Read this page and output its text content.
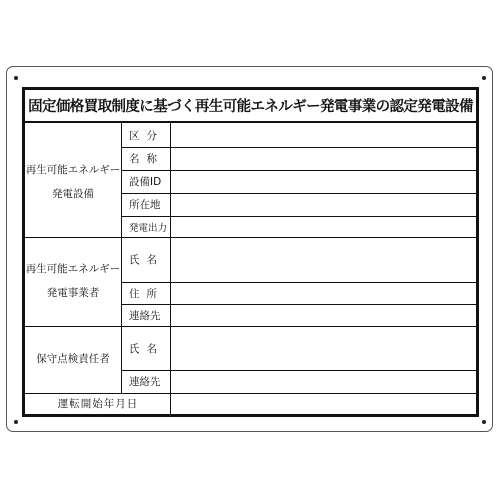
固定価格買取制度に基づく再生可能エネルギー発電事業の認定発電設備
再生可能エネルギー
発電設備
再生可能エネルギー
発電事業者
保守点検責任者
区分
名称
設備ID
所在地
発電出力
氏名
住所
連絡先
氏名
連絡先
運転開始年月日
